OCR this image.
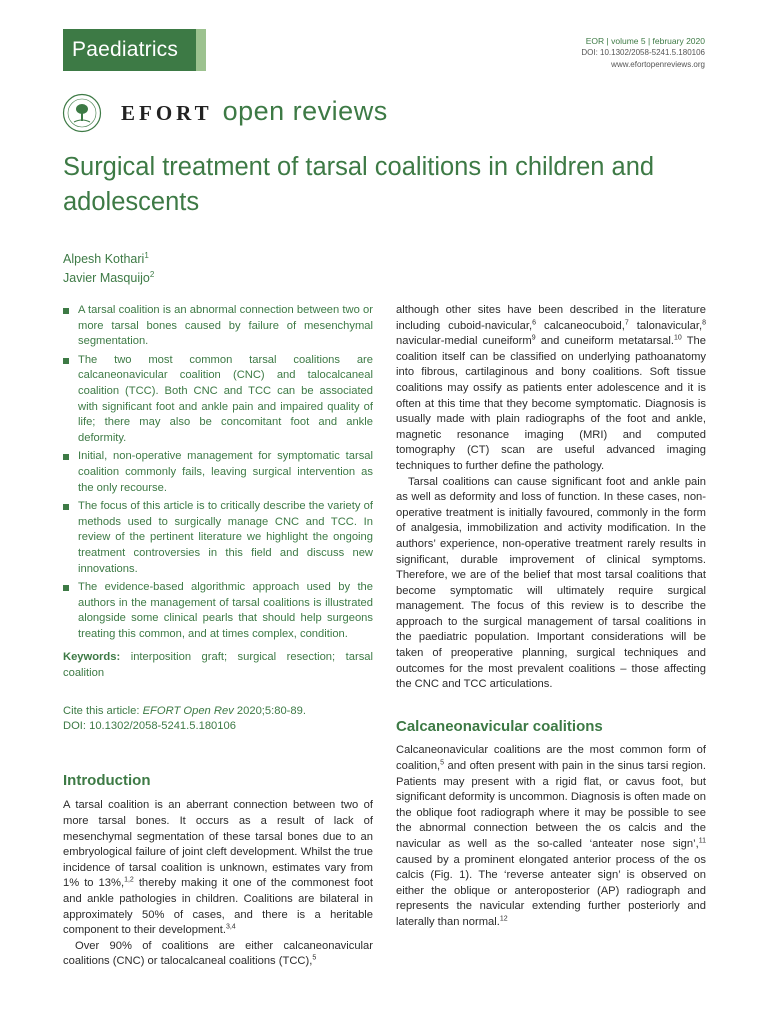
Paediatrics	EOR | volume 5 | february 2020
DOI: 10.1302/2058-5241.5.180106
www.efortopenreviews.org
EFORT open reviews
Surgical treatment of tarsal coalitions in children and adolescents
Alpesh Kothari$^1$
Javier Masquijo$^2$
A tarsal coalition is an abnormal connection between two or more tarsal bones caused by failure of mesenchymal segmentation.
The two most common tarsal coalitions are calcaneonavicular coalition (CNC) and talocalcaneal coalition (TCC). Both CNC and TCC can be associated with significant foot and ankle pain and impaired quality of life; there may also be concomitant foot and ankle deformity.
Initial, non-operative management for symptomatic tarsal coalition commonly fails, leaving surgical intervention as the only recourse.
The focus of this article is to critically describe the variety of methods used to surgically manage CNC and TCC. In review of the pertinent literature we highlight the ongoing treatment controversies in this field and discuss new innovations.
The evidence-based algorithmic approach used by the authors in the management of tarsal coalitions is illustrated alongside some clinical pearls that should help surgeons treating this common, and at times complex, condition.
Keywords: interposition graft; surgical resection; tarsal coalition
Cite this article: EFORT Open Rev 2020;5:80-89.
DOI: 10.1302/2058-5241.5.180106
Introduction

A tarsal coalition is an aberrant connection between two of more tarsal bones. It occurs as a result of lack of mesenchymal segmentation of these tarsal bones due to an embryological failure of joint cleft development. Whilst the true incidence of tarsal coalition is unknown, estimates vary from 1% to 13%,$^{1,2}$ thereby making it one of the commonest foot and ankle pathologies in children. Coalitions are bilateral in approximately 50% of cases, and there is a heritable component to their development.$^{3,4}$

Over 90% of coalitions are either calcaneonavicular coalitions (CNC) or talocalcaneal coalitions (TCC),$^5$

although other sites have been described in the literature including cuboid-navicular,$^6$ calcaneocuboid,$^7$ talonavicular,$^8$ navicular-medial cuneiform$^9$ and cuneiform metatarsal.$^{10}$ The coalition itself can be classified on underlying pathoanatomy into fibrous, cartilaginous and bony coalitions. Soft tissue coalitions may ossify as patients enter adolescence and it is often at this time that they become symptomatic. Diagnosis is usually made with plain radiographs of the foot and ankle, magnetic resonance imaging (MRI) and computed tomography (CT) scan are useful advanced imaging techniques to further define the pathology.

Tarsal coalitions can cause significant foot and ankle pain as well as deformity and loss of function. In these cases, non-operative treatment is initially favoured, commonly in the form of analgesia, immobilization and activity modification. In the authors’ experience, non-operative treatment rarely results in significant, durable improvement of clinical symptoms. Therefore, we are of the belief that most tarsal coalitions that become symptomatic will ultimately require surgical management. The focus of this review is to describe the approach to the surgical management of tarsal coalitions in the paediatric population. Important considerations will be taken of preoperative planning, surgical techniques and outcomes for the most prevalent coalitions – those affecting the CNC and TCC articulations.

Calcaneonavicular coalitions

Calcaneonavicular coalitions are the most common form of coalition,$^5$ and often present with pain in the sinus tarsi region. Patients may present with a rigid flat, or cavus foot, but significant deformity is uncommon. Diagnosis is often made on the oblique foot radiograph where it may be possible to see the abnormal connection between the os calcis and the navicular as well as the so-called ‘anteater nose sign’,$^{11}$ caused by a prominent elongated anterior process of the os calcis (Fig. 1). The ‘reverse anteater sign’ is observed on either the oblique or anteroposterior (AP) radiograph and represents the navicular extending further posteriorly and laterally than normal.$^{12}$
